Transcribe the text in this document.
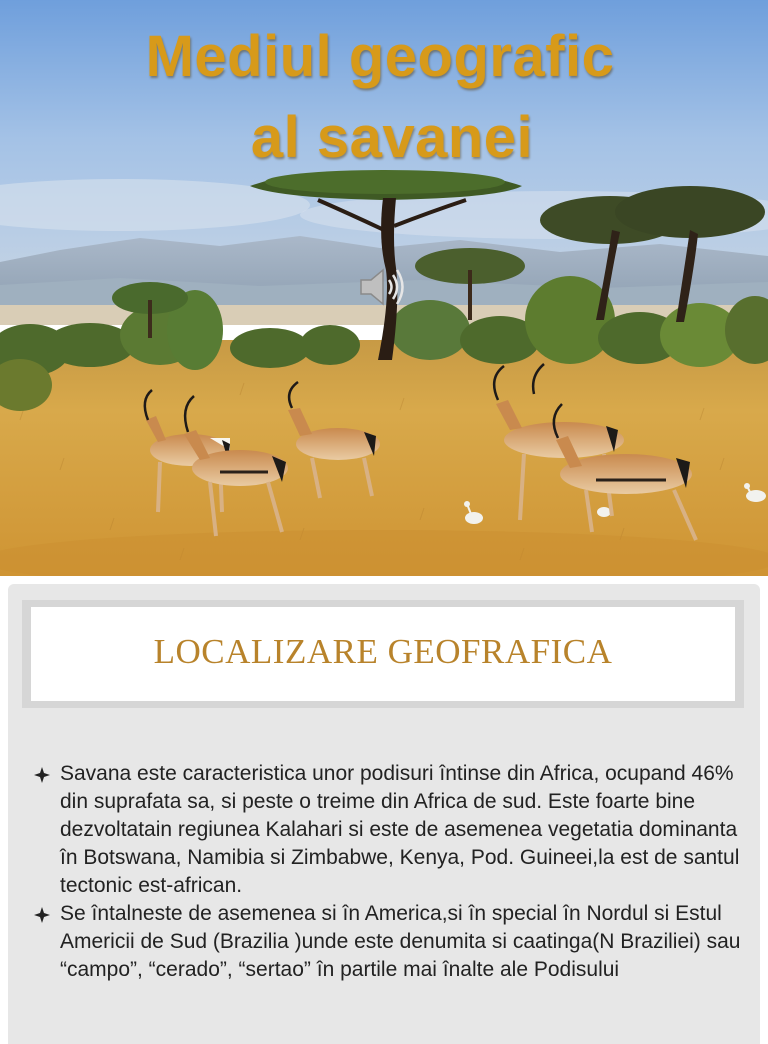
Mediul geografic
al savanei
LOCALIZARE GEOFRAFICA
Savana este caracteristica unor podisuri întinse din Africa, ocupand 46% din suprafata sa, si peste o treime din Africa de sud. Este foarte bine dezvoltatain regiunea Kalahari si este de asemenea vegetatia dominanta în Botswana, Namibia si Zimbabwe, Kenya, Pod. Guineei,la est de santul tectonic est-african.
Se întalneste de asemenea si în America,si în special în Nordul si Estul Americii de Sud (Brazilia )unde este denumita si caatinga(N Braziliei) sau “campo”, “cerado”, “sertao” în partile mai înalte ale Podisului
